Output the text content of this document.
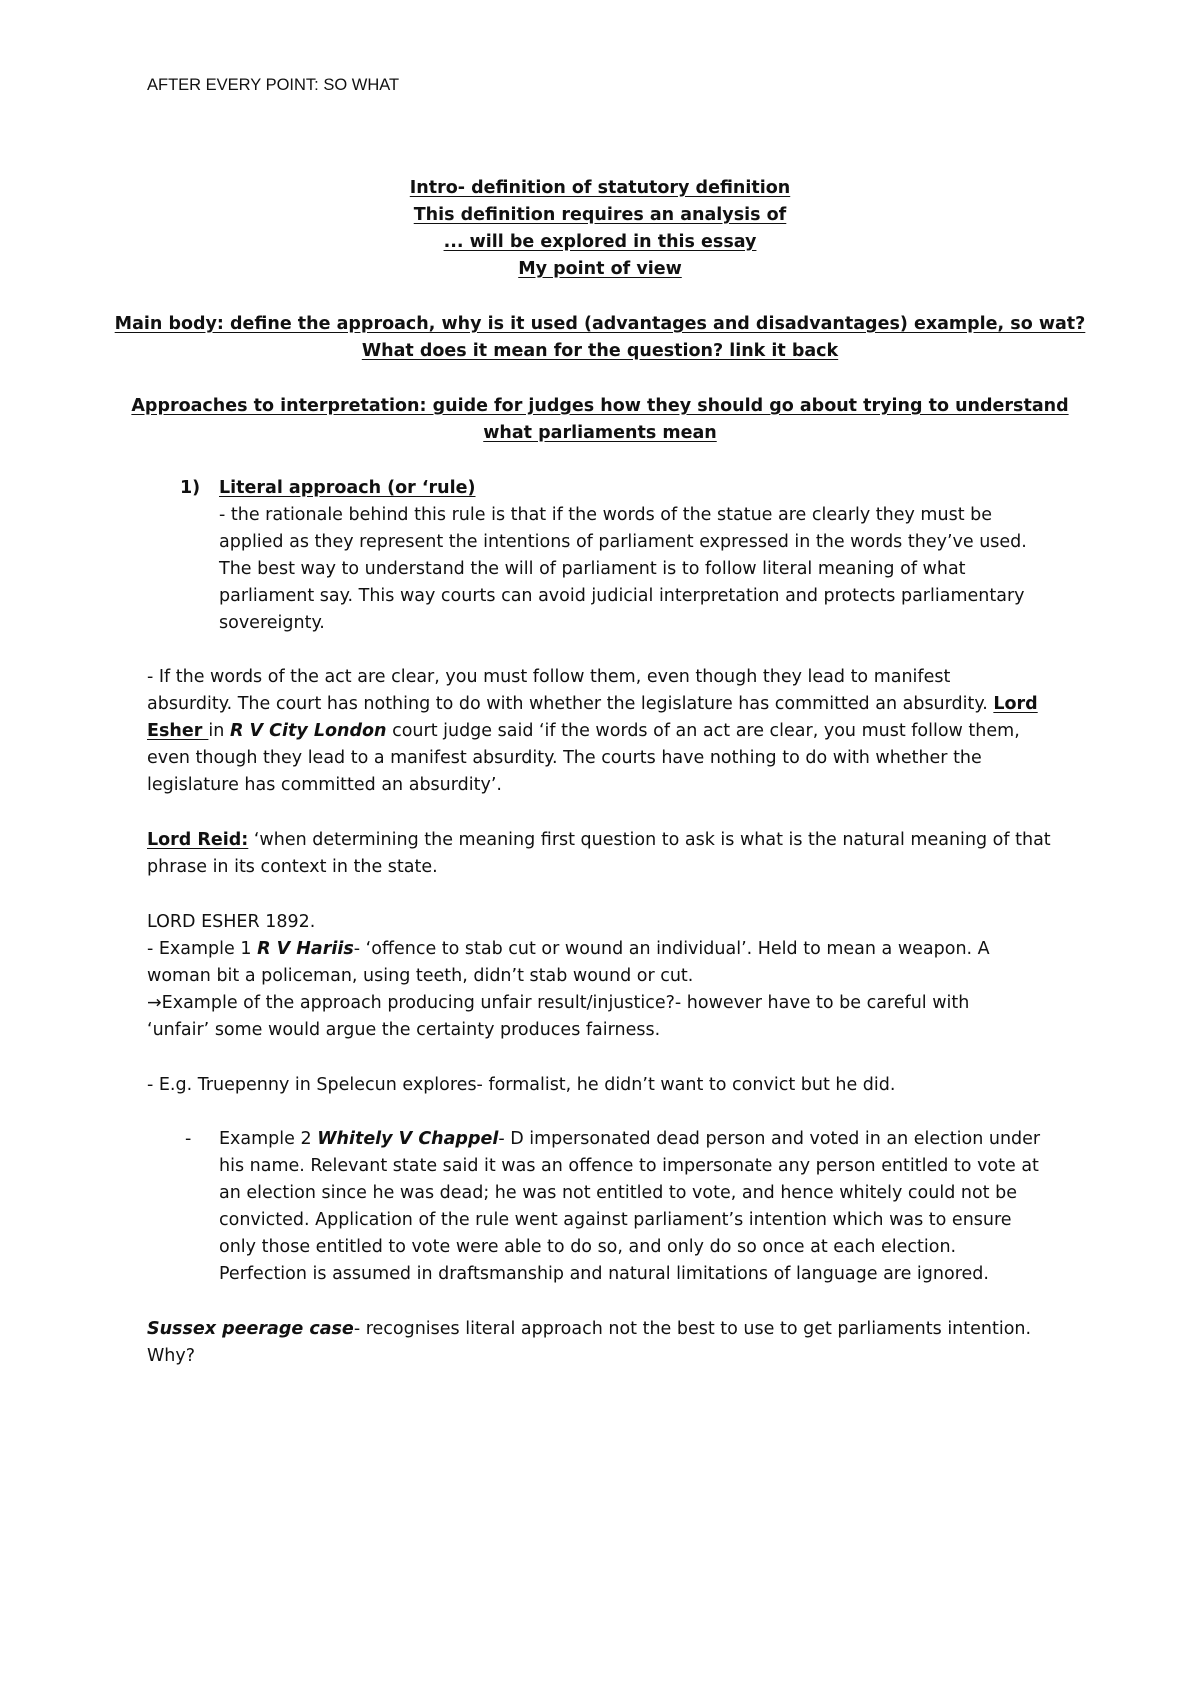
AFTER EVERY POINT: SO WHAT
Intro- definition of statutory definition
This definition requires an analysis of
... will be explored in this essay
My point of view
Main body: define the approach, why is it used (advantages and disadvantages) example, so wat?
What does it mean for the question? link it back
Approaches to interpretation: guide for judges how they should go about trying to understand
what parliaments mean
1) Literal approach (or ‘rule)
- the rationale behind this rule is that if the words of the statue are clearly they must be
applied as they represent the intentions of parliament expressed in the words they’ve used.
The best way to understand the will of parliament is to follow literal meaning of what
parliament say. This way courts can avoid judicial interpretation and protects parliamentary
sovereignty.
- If the words of the act are clear, you must follow them, even though they lead to manifest
absurdity. The court has nothing to do with whether the legislature has committed an absurdity. Lord
Esher in R V City London court judge said ‘if the words of an act are clear, you must follow them,
even though they lead to a manifest absurdity. The courts have nothing to do with whether the
legislature has committed an absurdity’.
Lord Reid: ‘when determining the meaning first question to ask is what is the natural meaning of that
phrase in its context in the state.
LORD ESHER 1892.
- Example 1 R V Hariis- ‘offence to stab cut or wound an individual’. Held to mean a weapon. A
woman bit a policeman, using teeth, didn’t stab wound or cut.
→Example of the approach producing unfair result/injustice?- however have to be careful with
‘unfair’ some would argue the certainty produces fairness.
- E.g. Truepenny in Spelecun explores- formalist, he didn’t want to convict but he did.
- Example 2 Whitely V Chappel- D impersonated dead person and voted in an election under
his name. Relevant state said it was an offence to impersonate any person entitled to vote at
an election since he was dead; he was not entitled to vote, and hence whitely could not be
convicted. Application of the rule went against parliament’s intention which was to ensure
only those entitled to vote were able to do so, and only do so once at each election.
Perfection is assumed in draftsmanship and natural limitations of language are ignored.
Sussex peerage case- recognises literal approach not the best to use to get parliaments intention.
Why?
